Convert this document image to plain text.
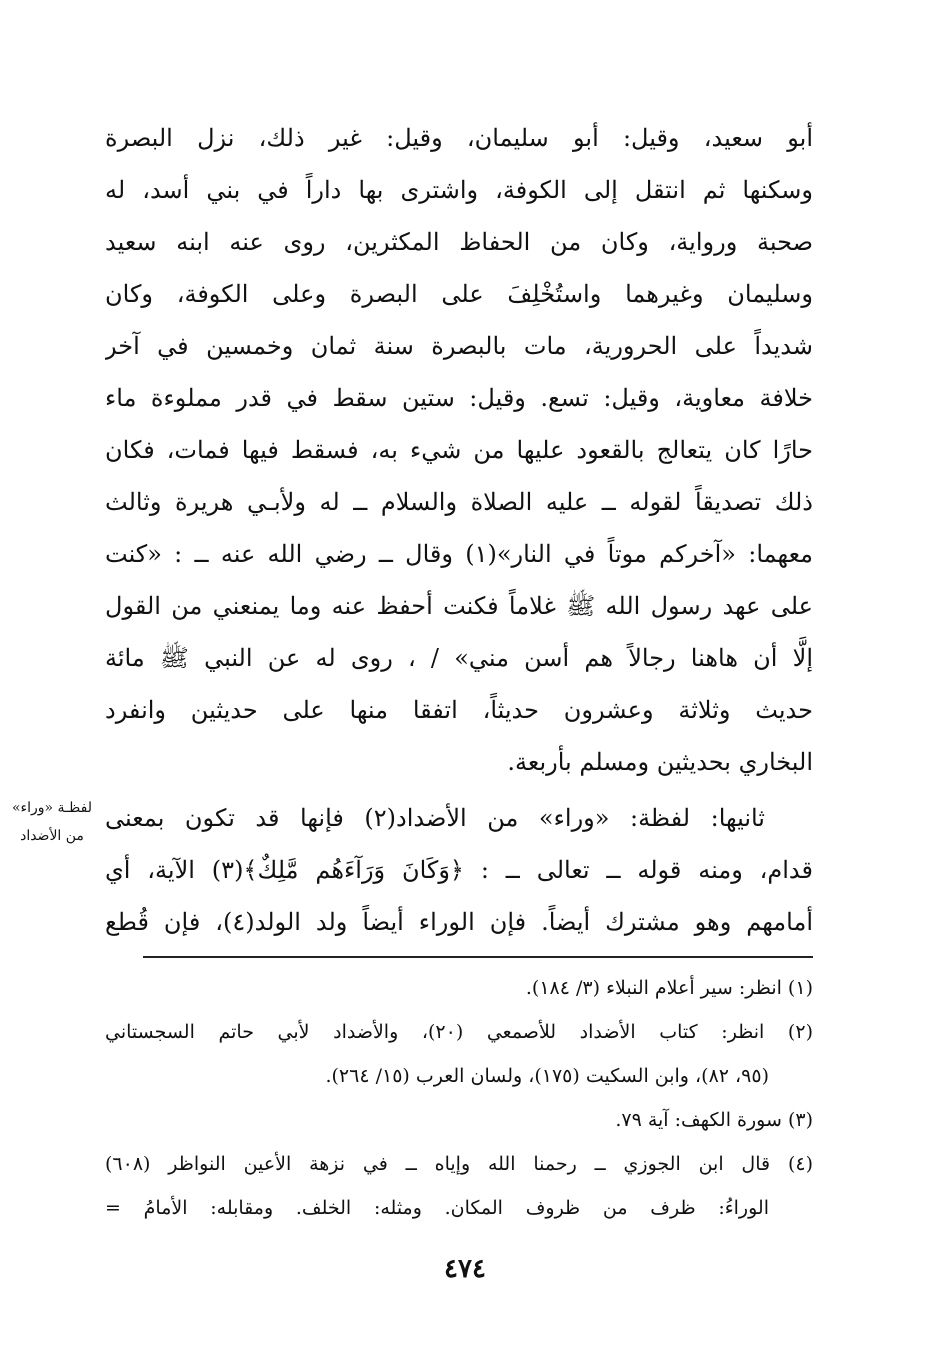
أبو سعيد، وقيل: أبو سليمان، وقيل: غير ذلك، نزل البصرة
وسكنها ثم انتقل إلى الكوفة، واشترى بها داراً في بني أسد، له
صحبة ورواية، وكان من الحفاظ المكثرين، روى عنه ابنه سعيد
وسليمان وغيرهما واستُخْلِفَ على البصرة وعلى الكوفة، وكان
شديداً على الحرورية، مات بالبصرة سنة ثمان وخمسين في آخر
خلافة معاوية، وقيل: تسع. وقيل: ستين سقط في قدر مملوءة ماء
حارًا كان يتعالج بالقعود عليها من شيء به، فسقط فيها فمات، فكان
ذلك تصديقاً لقوله ــ عليه الصلاة والسلام ــ له ولأبـي هريرة وثالث
معهما: «آخركم موتاً في النار»(١) وقال ــ رضي الله عنه ــ : «كنت
على عهد رسول الله ﷺ غلاماً فكنت أحفظ عنه وما يمنعني من القول
إلَّا أن هاهنا رجالاً هم أسن مني» / ، روى له عن النبي ﷺ مائة
حديث وثلاثة وعشرون حديثاً، اتفقا منها على حديثين وانفرد
البخاري بحديثين ومسلم بأربعة.
لفظـة «وراء»
من الأضداد
ثانيها: لفظة: «وراء» من الأضداد(٢) فإنها قد تكون بمعنى
قدام، ومنه قوله ــ تعالى ــ : ﴿وَكَانَ وَرَآءَهُم مَّلِكٌ﴾(٣) الآية، أي
أمامهم وهو مشترك أيضاً. فإن الوراء أيضاً ولد الولد(٤)، فإن قُطع
(١) انظر: سير أعلام النبلاء (٣/ ١٨٤).
(٢) انظر: كتاب الأضداد للأصمعي (٢٠)، والأضداد لأبي حاتم السجستاني
(٩٥، ٨٢)، وابن السكيت (١٧٥)، ولسان العرب (١٥/ ٢٦٤).
(٣) سورة الكهف: آية ٧٩.
(٤) قال ابن الجوزي ــ رحمنا الله وإياه ــ في نزهة الأعين النواظر (٦٠٨)
الوراءُ: ظرف من ظروف المكان. ومثله: الخلف. ومقابله: الأمامُ =
٤٧٤
